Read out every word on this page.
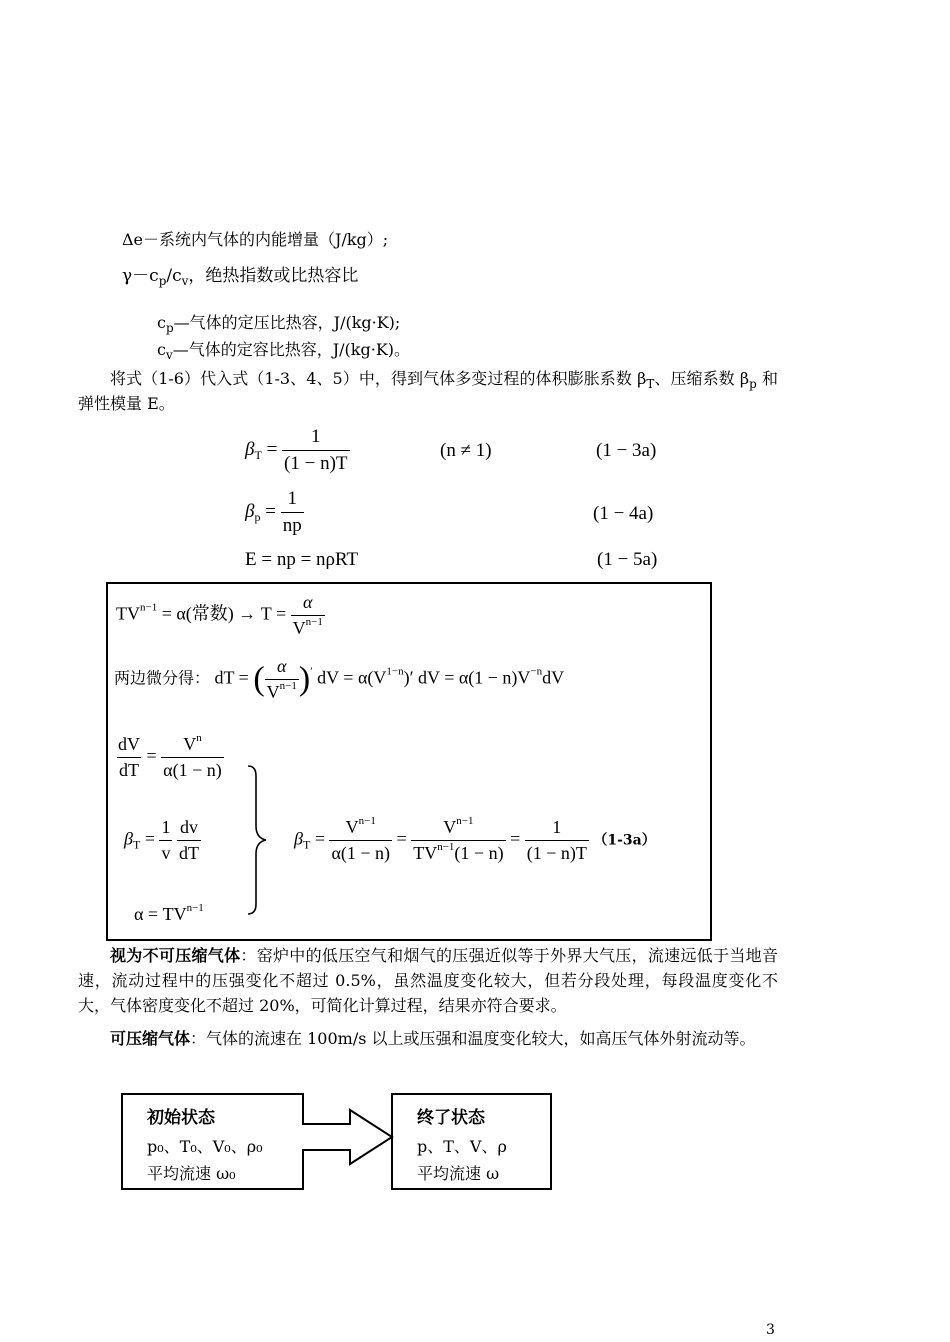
Δe－系统内气体的内能增量（J/kg）;
$\gamma-c_p/c_v$，绝热指数或比热容比
$c_p—$气体的定压比热容，J/(kg·K);
$c_v—$气体的定容比热容，J/(kg·K)。
将式（1-6）代入式（1-3、4、5）中，得到气体多变过程的体积膨胀系数 $\beta_T$、压缩系数 $\beta_p$ 和弹性模量 E。
$\beta_T = \frac{1}{(1 - n)T}$	(n ≠ 1)	(1 − 3a)
$\beta_p = \frac{1}{np}$	(1 − 4a)
E = np = nρRT	(1 − 5a)
$TV^{n-1} = \alpha$(常数) → $T = \frac{\alpha}{V^{n-1}}$
两边微分得： dT = ( $\frac{\alpha}{V^{n-1}} )'$ dV = $\alpha(V^{1-n})'$ dV = $\alpha(1 - n)V^{-n}dV$
$\frac{dV}{dT} = \frac{V^n}{\alpha(1 - n)}$
$\beta_T = \frac{1}{v}$
$\frac{dv}{dT}$
$\alpha = TV^{n-1}$
$\beta_T = \frac{V^{n-1}}{\alpha(1 - n)} = \frac{V^{n-1}}{TV^{n-1}(1 - n)} = \frac{1}{(1 - n)T} (1-3a)$
视为不可压缩气体：窑炉中的低压空气和烟气的压强近似等于外界大气压，流速远低于当地音速，流动过程中的压强变化不超过 0.5%，虽然温度变化较大，但若分段处理，每段温度变化不大，气体密度变化不超过 20%，可简化计算过程，结果亦符合要求。
可压缩气体：气体的流速在 100m/s 以上或压强和温度变化较大，如高压气体外射流动等。
初始状态
p₀、T₀、V₀、ρ₀
平均流速 ω₀
终了状态
p、T、V、ρ
平均流速 ω
3
